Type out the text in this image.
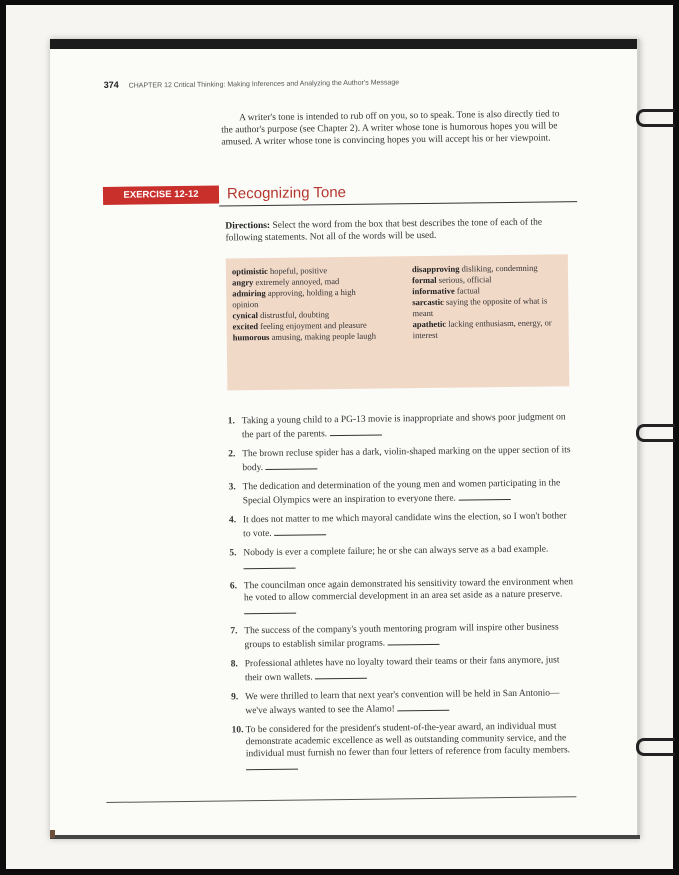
374 CHAPTER 12 Critical Thinking: Making Inferences and Analyzing the Author's Message
A writer's tone is intended to rub off on you, so to speak. Tone is also directly tied to the author's purpose (see Chapter 2). A writer whose tone is humorous hopes you will be amused. A writer whose tone is convincing hopes you will accept his or her viewpoint.
EXERCISE 12-12	Recognizing Tone
Directions: Select the word from the box that best describes the tone of each of the following statements. Not all of the words will be used.
optimistic hopeful, positive
angry extremely annoyed, mad
admiring approving, holding a high opinion
cynical distrustful, doubting
excited feeling enjoyment and pleasure
humorous amusing, making people laugh
disapproving disliking, condemning
formal serious, official
informative factual
sarcastic saying the opposite of what is meant
apathetic lacking enthusiasm, energy, or interest
1. Taking a young child to a PG-13 movie is inappropriate and shows poor judgment on the part of the parents.
2. The brown recluse spider has a dark, violin-shaped marking on the upper section of its body.
3. The dedication and determination of the young men and women participating in the Special Olympics were an inspiration to everyone there.
4. It does not matter to me which mayoral candidate wins the election, so I won't bother to vote.
5. Nobody is ever a complete failure; he or she can always serve as a bad example.
6. The councilman once again demonstrated his sensitivity toward the environment when he voted to allow commercial development in an area set aside as a nature preserve.
7. The success of the company's youth mentoring program will inspire other business groups to establish similar programs.
8. Professional athletes have no loyalty toward their teams or their fans anymore, just their own wallets.
9. We were thrilled to learn that next year's convention will be held in San Antonio—we've always wanted to see the Alamo!
10. To be considered for the president's student-of-the-year award, an individual must demonstrate academic excellence as well as outstanding community service, and the individual must furnish no fewer than four letters of reference from faculty members.
